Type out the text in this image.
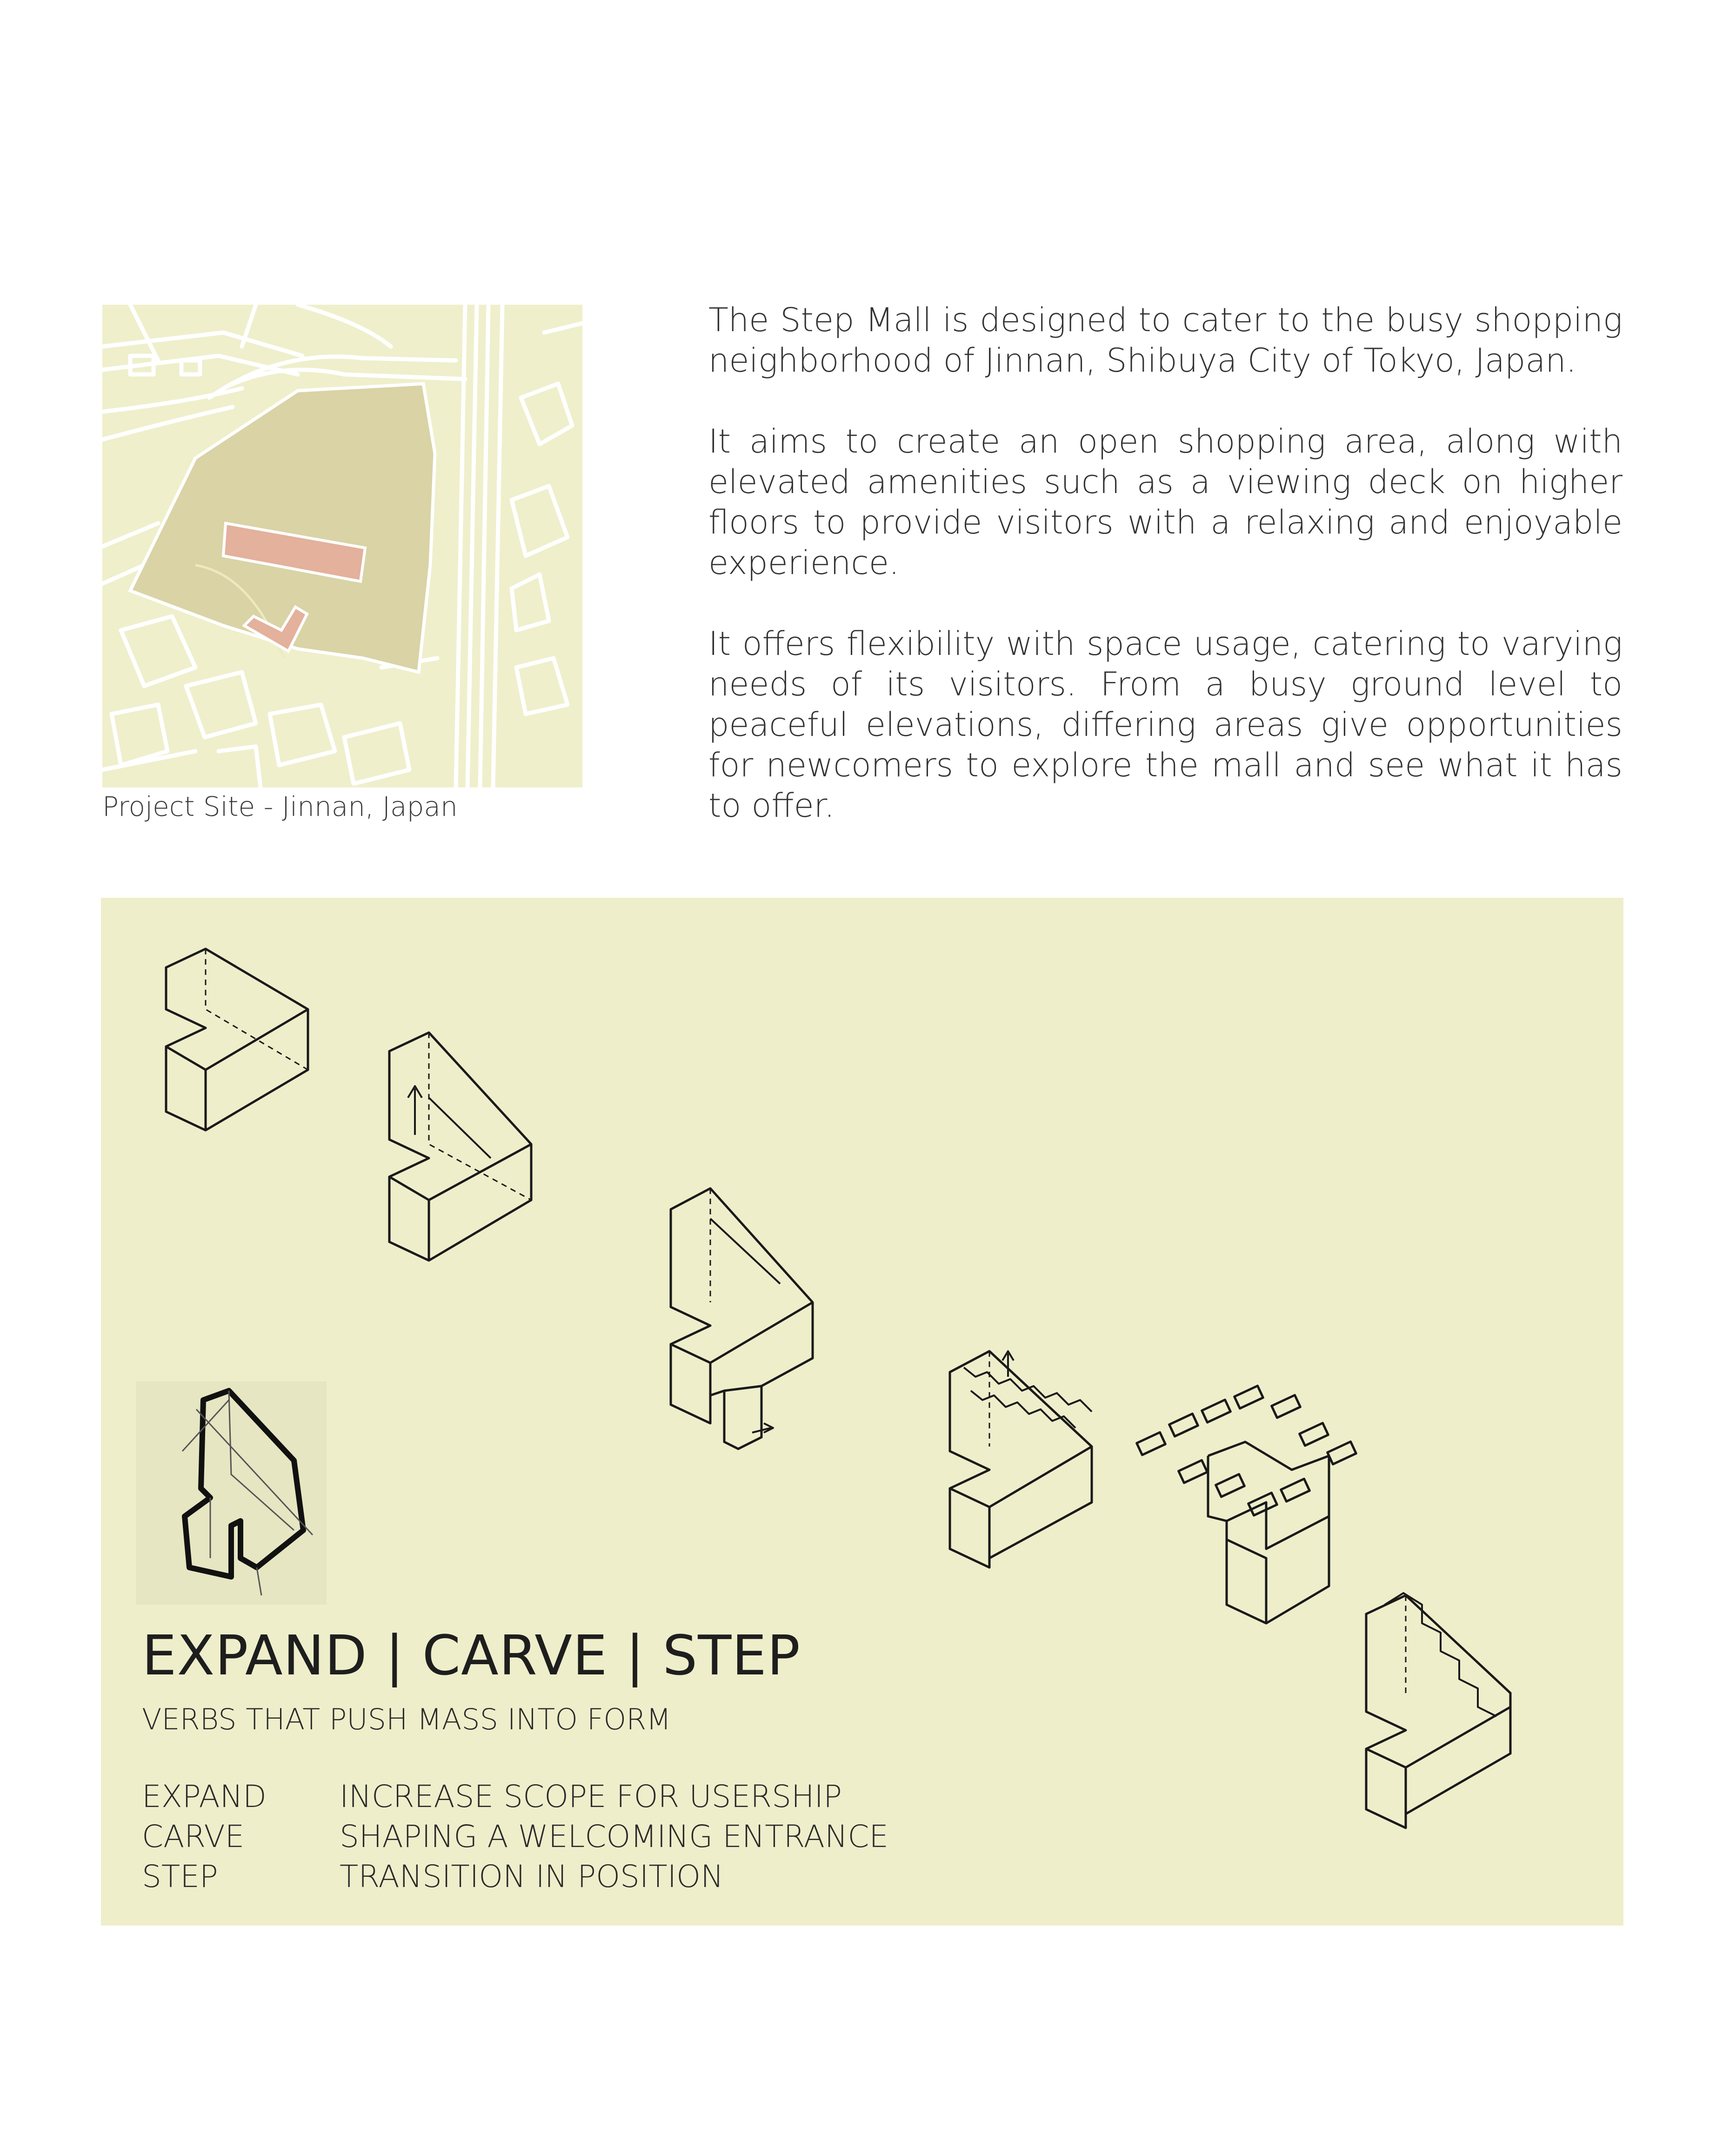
Project Site - Jinnan, Japan

The Step Mall is designed to cater to the busy shopping neighborhood of Jinnan, Shibuya City of Tokyo, Japan.

It aims to create an open shopping area, along with elevated amenities such as a viewing deck on higher floors to provide visitors with a relaxing and enjoyable experience.

It offers flexibility with space usage, catering to varying needs of its visitors. From a busy ground level to peaceful elevations, differing areas give opportunities for newcomers to explore the mall and see what it has to offer.

EXPAND | CARVE | STEP
VERBS THAT PUSH MASS INTO FORM
EXPAND	INCREASE SCOPE FOR USERSHIP
CARVE	SHAPING A WELCOMING ENTRANCE
STEP	TRANSITION IN POSITION
